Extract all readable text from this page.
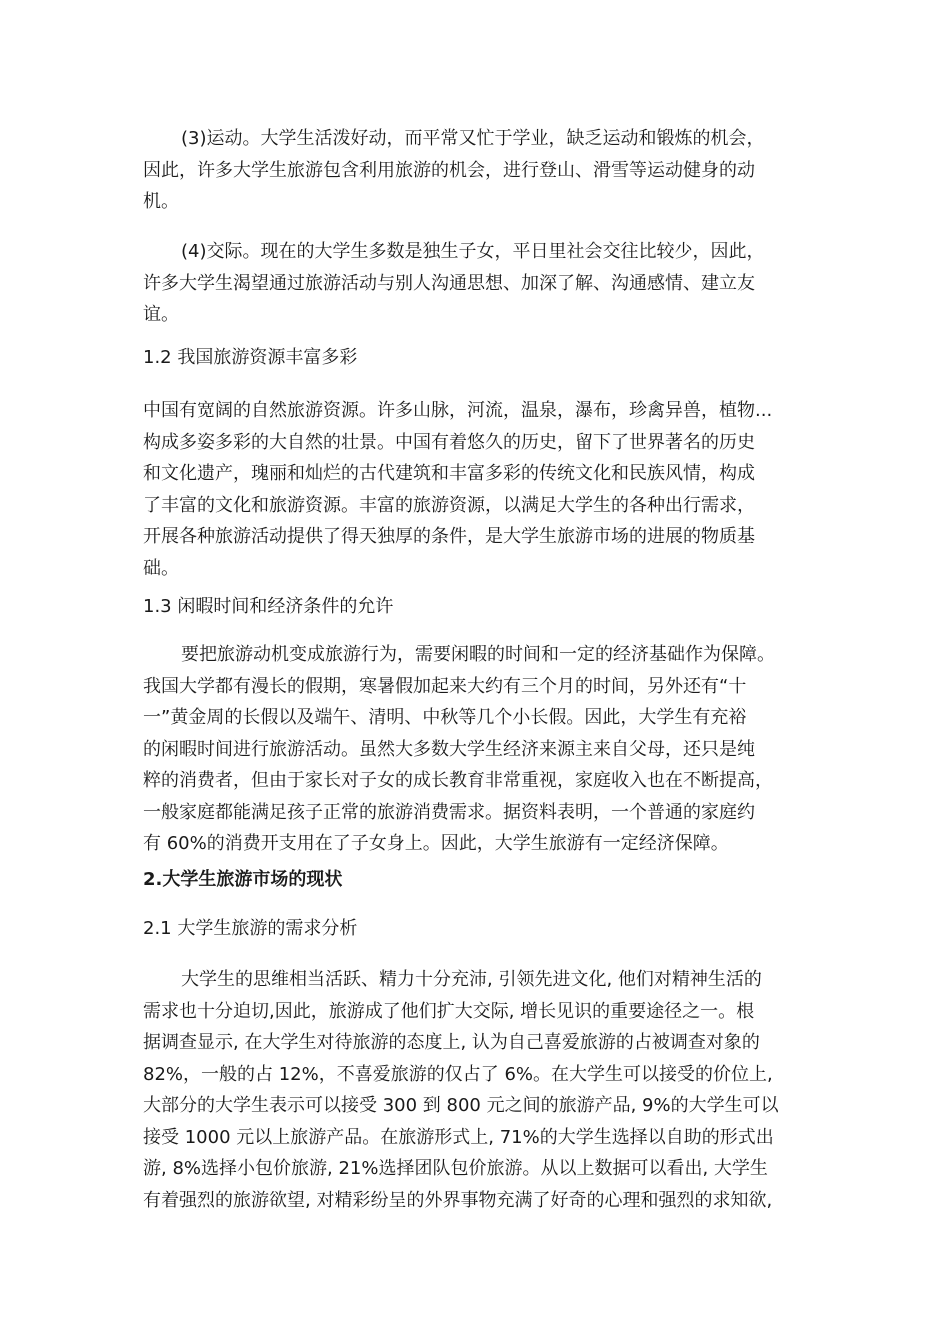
(3)运动。大学生活泼好动，而平常又忙于学业，缺乏运动和锻炼的机会，
因此，许多大学生旅游包含利用旅游的机会，进行登山、滑雪等运动健身的动
机。
(4)交际。现在的大学生多数是独生子女，平日里社会交往比较少，因此，
许多大学生渴望通过旅游活动与别人沟通思想、加深了解、沟通感情、建立友
谊。
1.2 我国旅游资源丰富多彩
中国有宽阔的自然旅游资源。许多山脉，河流，温泉，瀑布，珍禽异兽，植物...
构成多姿多彩的大自然的壮景。中国有着悠久的历史，留下了世界著名的历史
和文化遗产，瑰丽和灿烂的古代建筑和丰富多彩的传统文化和民族风情，构成
了丰富的文化和旅游资源。丰富的旅游资源，以满足大学生的各种出行需求，
开展各种旅游活动提供了得天独厚的条件，是大学生旅游市场的进展的物质基
础。
1.3 闲暇时间和经济条件的允许
要把旅游动机变成旅游行为，需要闲暇的时间和一定的经济基础作为保障。
我国大学都有漫长的假期，寒暑假加起来大约有三个月的时间，另外还有“十
一”黄金周的长假以及端午、清明、中秋等几个小长假。因此，大学生有充裕
的闲暇时间进行旅游活动。虽然大多数大学生经济来源主来自父母，还只是纯
粹的消费者，但由于家长对子女的成长教育非常重视，家庭收入也在不断提高，
一般家庭都能满足孩子正常的旅游消费需求。据资料表明，一个普通的家庭约
有 60%的消费开支用在了子女身上。因此，大学生旅游有一定经济保障。
2.大学生旅游市场的现状
2.1 大学生旅游的需求分析
大学生的思维相当活跃、精力十分充沛, 引领先进文化, 他们对精神生活的
需求也十分迫切,因此，旅游成了他们扩大交际, 增长见识的重要途径之一。根
据调查显示, 在大学生对待旅游的态度上, 认为自己喜爱旅游的占被调查对象的
82%，一般的占 12%，不喜爱旅游的仅占了 6%。在大学生可以接受的价位上,
大部分的大学生表示可以接受 300 到 800 元之间的旅游产品, 9%的大学生可以
接受 1000 元以上旅游产品。在旅游形式上, 71%的大学生选择以自助的形式出
游, 8%选择小包价旅游, 21%选择团队包价旅游。从以上数据可以看出, 大学生
有着强烈的旅游欲望, 对精彩纷呈的外界事物充满了好奇的心理和强烈的求知欲,
